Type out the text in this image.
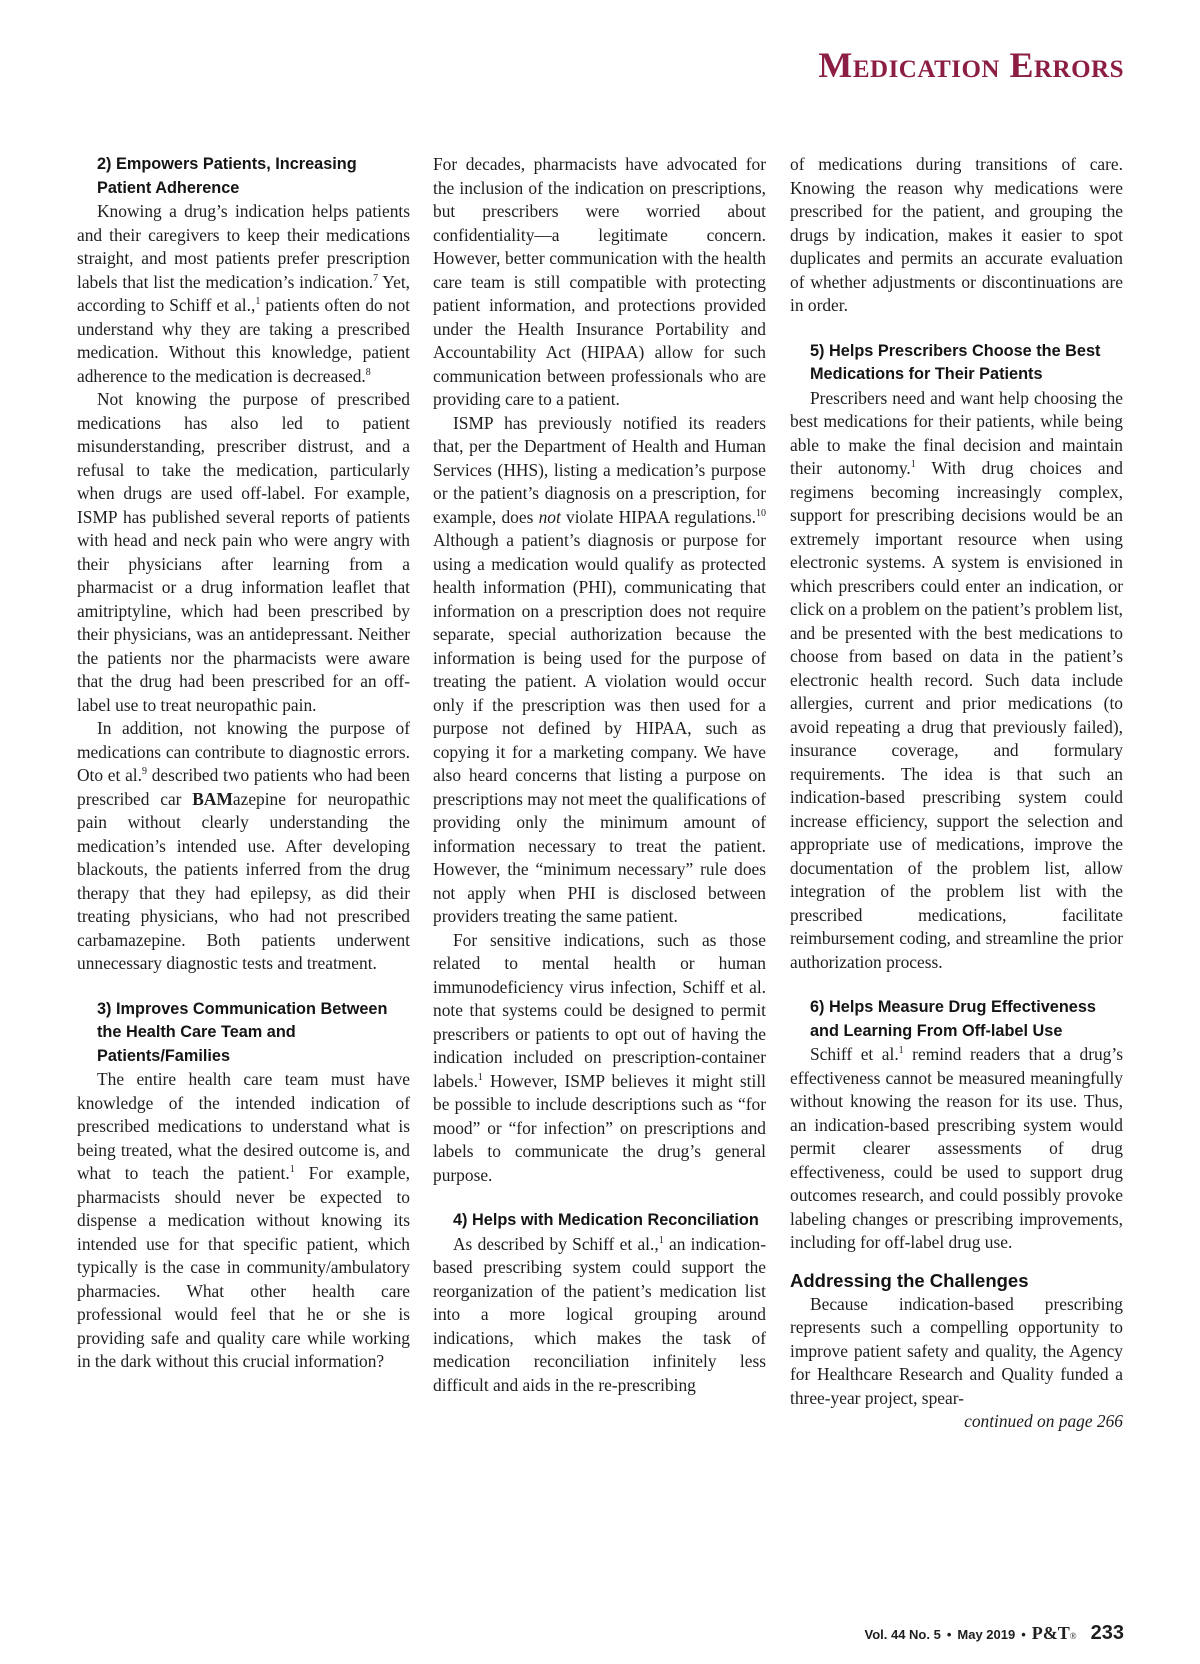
Medication Errors
2) Empowers Patients, Increasing Patient Adherence

Knowing a drug’s indication helps patients and their caregivers to keep their medications straight, and most patients prefer prescription labels that list the medication’s indication.$^7$ Yet, according to Schiff et al.,$^1$ patients often do not understand why they are taking a prescribed medication. Without this knowledge, patient adherence to the medication is decreased.$^8$

Not knowing the purpose of prescribed medications has also led to patient misunderstanding, prescriber distrust, and a refusal to take the medication, particularly when drugs are used off-label. For example, ISMP has published several reports of patients with head and neck pain who were angry with their physicians after learning from a pharmacist or a drug information leaflet that amitriptyline, which had been prescribed by their physicians, was an antidepressant. Neither the patients nor the pharmacists were aware that the drug had been prescribed for an off-label use to treat neuropathic pain.

In addition, not knowing the purpose of medications can contribute to diagnostic errors. Oto et al.$^9$ described two patients who had been prescribed car BAMazepine for neuropathic pain without clearly understanding the medication’s intended use. After developing blackouts, the patients inferred from the drug therapy that they had epilepsy, as did their treating physicians, who had not prescribed carbamazepine. Both patients underwent unnecessary diagnostic tests and treatment.

3) Improves Communication Between the Health Care Team and Patients/Families

The entire health care team must have knowledge of the intended indication of prescribed medications to understand what is being treated, what the desired outcome is, and what to teach the patient.$^1$ For example, pharmacists should never be expected to dispense a medication without knowing its intended use for that specific patient, which typically is the case in community/ambulatory pharmacies. What other health care professional would feel that he or she is providing safe and quality care while working in the dark without this crucial information?

For decades, pharmacists have advocated for the inclusion of the indication on prescriptions, but prescribers were worried about confidentiality—a legitimate concern. However, better communication with the health care team is still compatible with protecting patient information, and protections provided under the Health Insurance Portability and Accountability Act (HIPAA) allow for such communication between professionals who are providing care to a patient.

ISMP has previously notified its readers that, per the Department of Health and Human Services (HHS), listing a medication’s purpose or the patient’s diagnosis on a prescription, for example, does not violate HIPAA regulations.$^{10}$ Although a patient’s diagnosis or purpose for using a medication would qualify as protected health information (PHI), communicating that information on a prescription does not require separate, special authorization because the information is being used for the purpose of treating the patient. A violation would occur only if the prescription was then used for a purpose not defined by HIPAA, such as copying it for a marketing company. We have also heard concerns that listing a purpose on prescriptions may not meet the qualifications of providing only the minimum amount of information necessary to treat the patient. However, the “minimum necessary” rule does not apply when PHI is disclosed between providers treating the same patient.

For sensitive indications, such as those related to mental health or human immunodeficiency virus infection, Schiff et al. note that systems could be designed to permit prescribers or patients to opt out of having the indication included on prescription-container labels.$^1$ However, ISMP believes it might still be possible to include descriptions such as “for mood” or “for infection” on prescriptions and labels to communicate the drug’s general purpose.

4) Helps with Medication Reconciliation

As described by Schiff et al.,$^1$ an indication-based prescribing system could support the reorganization of the patient’s medication list into a more logical grouping around indications, which makes the task of medication reconciliation infinitely less difficult and aids in the re-prescribing

of medications during transitions of care. Knowing the reason why medications were prescribed for the patient, and grouping the drugs by indication, makes it easier to spot duplicates and permits an accurate evaluation of whether adjustments or discontinuations are in order.

5) Helps Prescribers Choose the Best Medications for Their Patients

Prescribers need and want help choosing the best medications for their patients, while being able to make the final decision and maintain their autonomy.$^1$ With drug choices and regimens becoming increasingly complex, support for prescribing decisions would be an extremely important resource when using electronic systems. A system is envisioned in which prescribers could enter an indication, or click on a problem on the patient’s problem list, and be presented with the best medications to choose from based on data in the patient’s electronic health record. Such data include allergies, current and prior medications (to avoid repeating a drug that previously failed), insurance coverage, and formulary requirements. The idea is that such an indication-based prescribing system could increase efficiency, support the selection and appropriate use of medications, improve the documentation of the problem list, allow integration of the problem list with the prescribed medications, facilitate reimbursement coding, and streamline the prior authorization process.

6) Helps Measure Drug Effectiveness and Learning From Off-label Use

Schiff et al.$^1$ remind readers that a drug’s effectiveness cannot be measured meaningfully without knowing the reason for its use. Thus, an indication-based prescribing system would permit clearer assessments of drug effectiveness, could be used to support drug outcomes research, and could possibly provoke labeling changes or prescribing improvements, including for off-label drug use.

Addressing the Challenges

Because indication-based prescribing represents such a compelling opportunity to improve patient safety and quality, the Agency for Healthcare Research and Quality funded a three-year project, spear-

continued on page 266
Vol. 44 No. 5 • May 2019 • P&T® 233
